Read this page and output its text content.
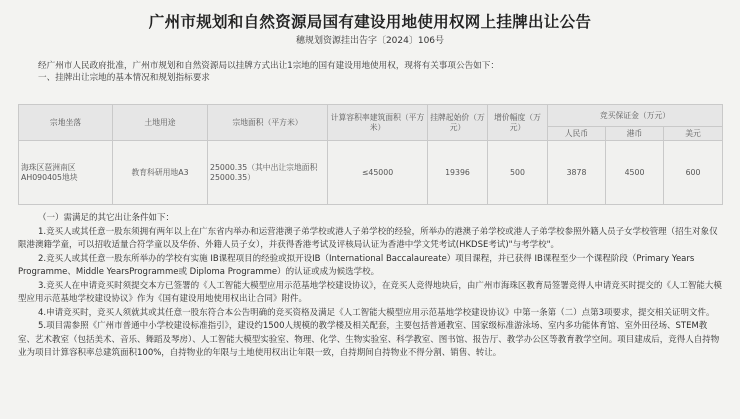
广州市规划和自然资源局国有建设用地使用权网上挂牌出让公告
穗规划资源挂出告字〔2024〕106号
经广州市人民政府批准，广州市规划和自然资源局以挂牌方式出让1宗地的国有建设用地使用权，现将有关事项公告如下：
一、挂牌出让宗地的基本情况和规划指标要求
宗地坐落	土地用途	宗地面积（平方米）	计算容积率建筑面积（平方米）	挂牌起始价（万元）	增价幅度（万元）	竞买保证金（万元）		
						人民币	港币	美元
海珠区琶洲南区AH090405地块	教育科研用地A3	25000.35（其中出让宗地面积25000.35）	≤45000	19396	500	3878	4500	600

（一）需满足的其它出让条件如下：

1.竞买人或其任意一股东须拥有两年以上在广东省内举办和运营港澳子弟学校或港人子弟学校的经验，所举办的港澳子弟学校或港人子弟学校参照外籍人员子女学校管理（招生对象仅限港澳籍学童，可以招收适量合符学童以及华侨、外籍人员子女），并获得香港考试及评核局认证为香港中学文凭考试(HKDSE考试)"与考学校"。

2.竞买人或其任意一股东所举办的学校有实施 IB课程项目的经验或拟开设IB（International Baccalaureate）项目课程，并已获得 IB课程至少一个课程阶段（Primary Years Programme、Middle YearsProgramme或 Diploma Programme）的认证或成为候选学校。

3.竞买人在申请竞买时须提交本方已签署的《人工智能大模型应用示范基地学校建设协议》，在竞买人竞得地块后，由广州市海珠区教育局签署竞得人申请竞买时提交的《人工智能大模型应用示范基地学校建设协议》作为《国有建设用地使用权出让合同》附件。

4.申请竞买时，竞买人须就其或其任意一股东符合本公告明确的竞买资格及满足《人工智能大模型应用示范基地学校建设协议》中第一条第（二）点第3项要求，提交相关证明文件。

5.项目需参照《广州市普通中小学校建设标准指引》，建设约1500人规模的教学楼及相关配套，主要包括普通教室、国家级标准游泳场、室内多功能体育馆、室外田径场、STEM教室、艺术教室（包括美术、音乐、舞蹈及琴房）、人工智能大模型实验室、物理、化学、生物实验室、科学教室、图书馆、报告厅、教学办公区等教育教学空间。项目建成后，竞得人自持物业为项目计算容积率总建筑面积100%，自持物业的年限与土地使用权出让年限一致，自持期间自持物业不得分割、销售、转让。
